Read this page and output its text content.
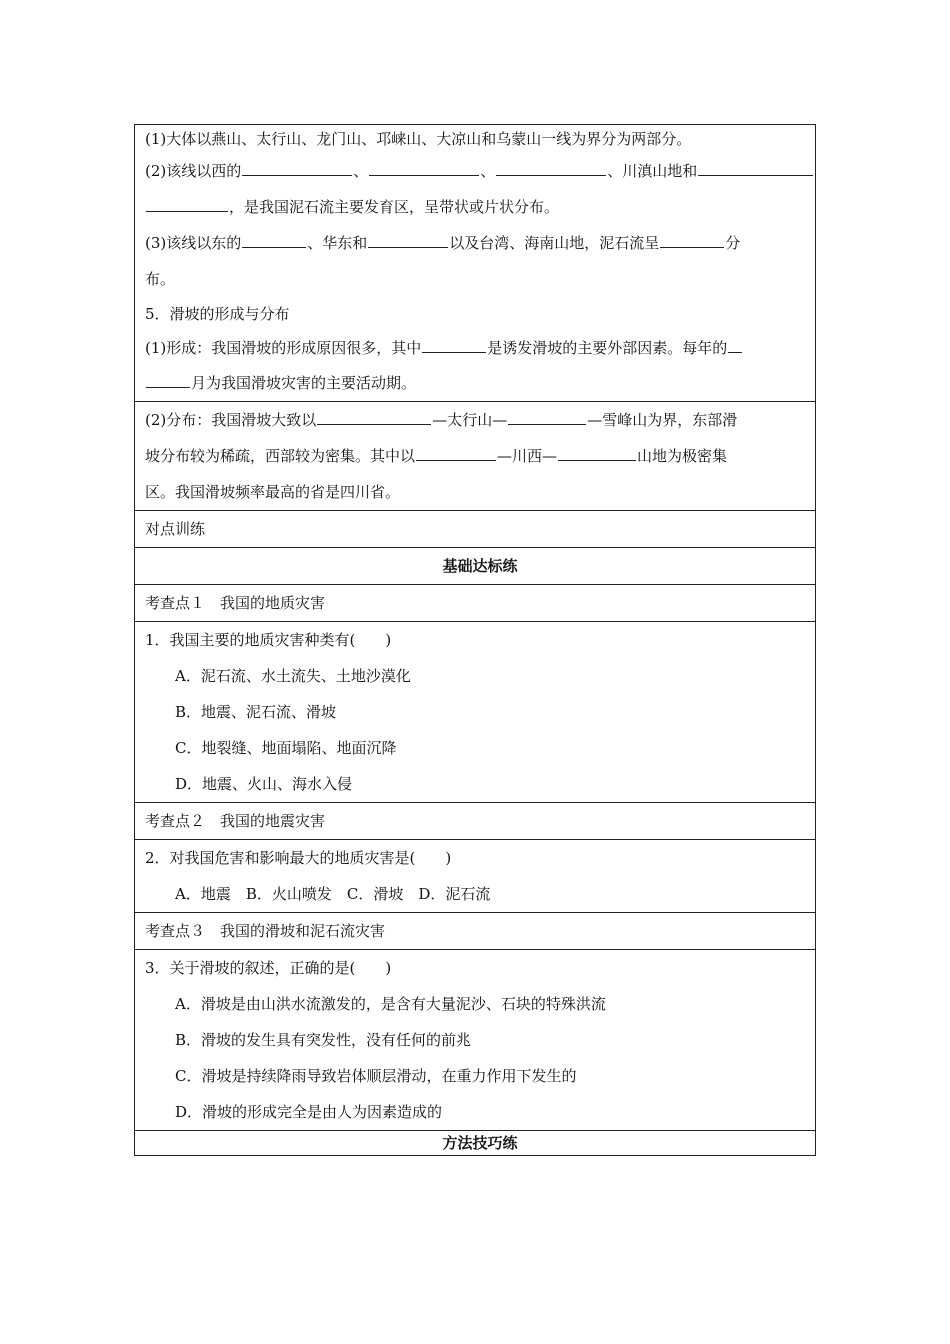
(1)大体以燕山、太行山、龙门山、邛崃山、大凉山和乌蒙山一线为界分为两部分。
(2)该线以西的	、	、	、川滇山地和
，是我国泥石流主要发育区，呈带状或片状分布。
(3)该线以东的	、华东和	以及台湾、海南山地，泥石流呈	分
布。
5．滑坡的形成与分布
(1)形成：我国滑坡的形成原因很多，其中	是诱发滑坡的主要外部因素。每年的
月为我国滑坡灾害的主要活动期。
(2)分布：我国滑坡大致以	—太行山—	—雪峰山为界，东部滑
坡分布较为稀疏，西部较为密集。其中以	—川西—	山地为极密集
区。我国滑坡频率最高的省是四川省。
对点训练
基础达标练
考查点１　我国的地质灾害
1．我国主要的地质灾害种类有(　　)
A．泥石流、水土流失、土地沙漠化
B．地震、泥石流、滑坡
C．地裂缝、地面塌陷、地面沉降
D．地震、火山、海水入侵
考查点２　我国的地震灾害
2．对我国危害和影响最大的地质灾害是(　　)
A．地震　B．火山喷发　C．滑坡　D．泥石流
考查点３　我国的滑坡和泥石流灾害
3．关于滑坡的叙述，正确的是(　　)
A．滑坡是由山洪水流激发的，是含有大量泥沙、石块的特殊洪流
B．滑坡的发生具有突发性，没有任何的前兆
C．滑坡是持续降雨导致岩体顺层滑动，在重力作用下发生的
D．滑坡的形成完全是由人为因素造成的
方法技巧练
